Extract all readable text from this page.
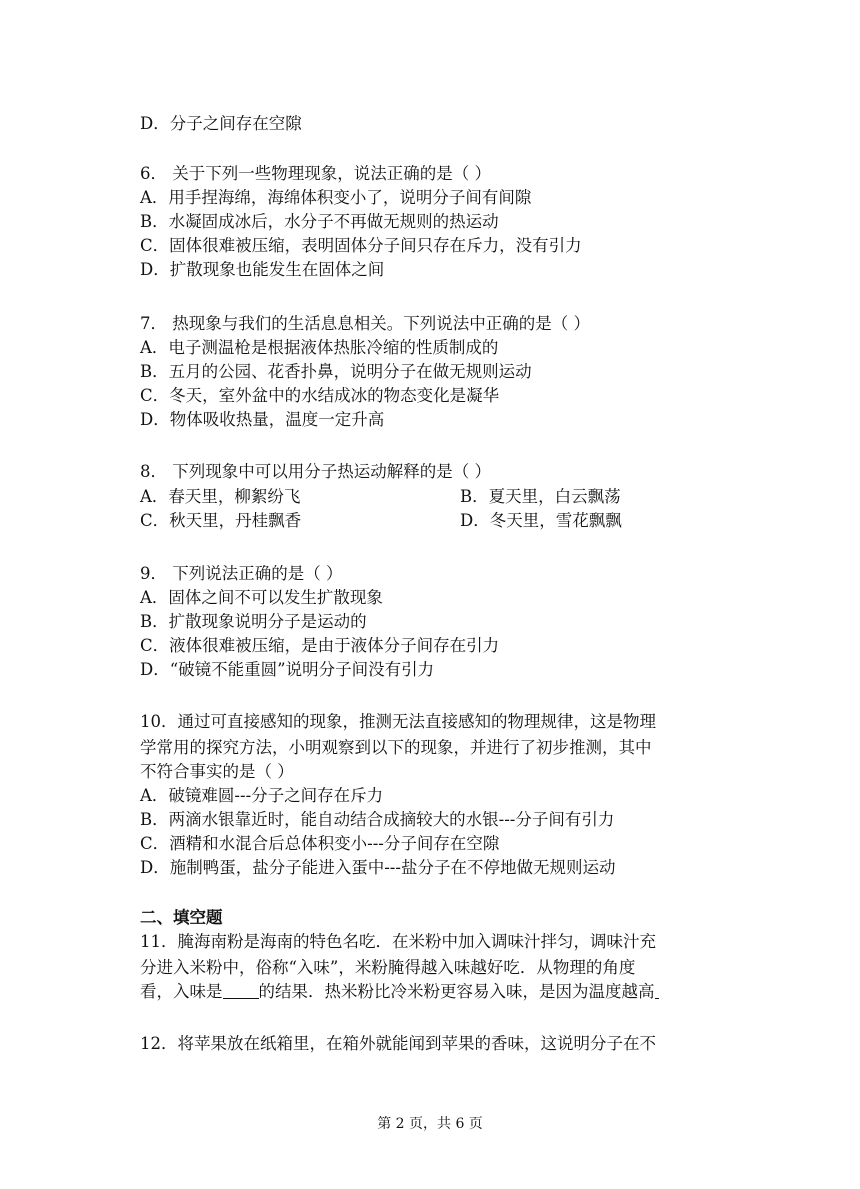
D．分子之间存在空隙
6． 关于下列一些物理现象，说法正确的是（ ）
A．用手捏海绵，海绵体积变小了，说明分子间有间隙
B．水凝固成冰后，水分子不再做无规则的热运动
C．固体很难被压缩，表明固体分子间只存在斥力，没有引力
D．扩散现象也能发生在固体之间
7． 热现象与我们的生活息息相关。下列说法中正确的是（ ）
A．电子测温枪是根据液体热胀冷缩的性质制成的
B．五月的公园、花香扑鼻，说明分子在做无规则运动
C．冬天，室外盆中的水结成冰的物态变化是凝华
D．物体吸收热量，温度一定升高
8． 下列现象中可以用分子热运动解释的是（ ）
A．春天里，柳絮纷飞	B．夏天里，白云飘荡
C．秋天里，丹桂飘香	D．冬天里，雪花飘飘
9． 下列说法正确的是（ ）
A．固体之间不可以发生扩散现象
B．扩散现象说明分子是运动的
C．液体很难被压缩，是由于液体分子间存在引力
D．“破镜不能重圆”说明分子间没有引力
10．通过可直接感知的现象，推测无法直接感知的物理规律，这是物理
学常用的探究方法，小明观察到以下的现象，并进行了初步推测，其中
不符合事实的是（ ）
A．破镜难圆---分子之间存在斥力
B．两滴水银靠近时，能自动结合成摘较大的水银---分子间有引力
C．酒精和水混合后总体积变小---分子间存在空隙
D．施制鸭蛋，盐分子能进入蛋中---盐分子在不停地做无规则运动
二、填空题
11．腌海南粉是海南的特色名吃．在米粉中加入调味汁拌匀，调味汁充
分进入米粉中，俗称“入味”，米粉腌得越入味越好吃．从物理的角度
看，入味是 的结果．热米粉比冷米粉更容易入味，是因为温度越高
12．将苹果放在纸箱里，在箱外就能闻到苹果的香味，这说明分子在不
第 2 页，共 6 页
